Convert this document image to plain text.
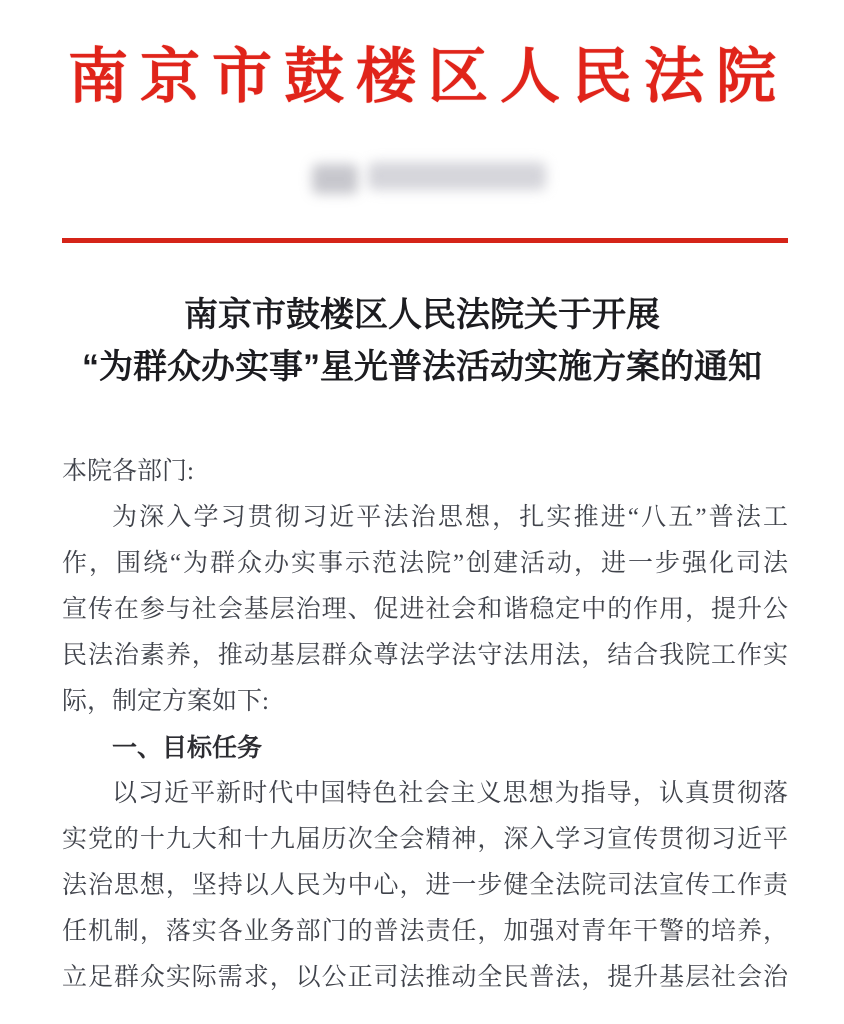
南京市鼓楼区人民法院
南京市鼓楼区人民法院关于开展
“为群众办实事”星光普法活动实施方案的通知
本院各部门:
为深入学习贯彻习近平法治思想，扎实推进“八五”普法工
作，围绕“为群众办实事示范法院”创建活动，进一步强化司法
宣传在参与社会基层治理、促进社会和谐稳定中的作用，提升公
民法治素养，推动基层群众尊法学法守法用法，结合我院工作实
际，制定方案如下:
一、目标任务
以习近平新时代中国特色社会主义思想为指导，认真贯彻落
实党的十九大和十九届历次全会精神，深入学习宣传贯彻习近平
法治思想，坚持以人民为中心，进一步健全法院司法宣传工作责
任机制，落实各业务部门的普法责任，加强对青年干警的培养，
立足群众实际需求，以公正司法推动全民普法，提升基层社会治
